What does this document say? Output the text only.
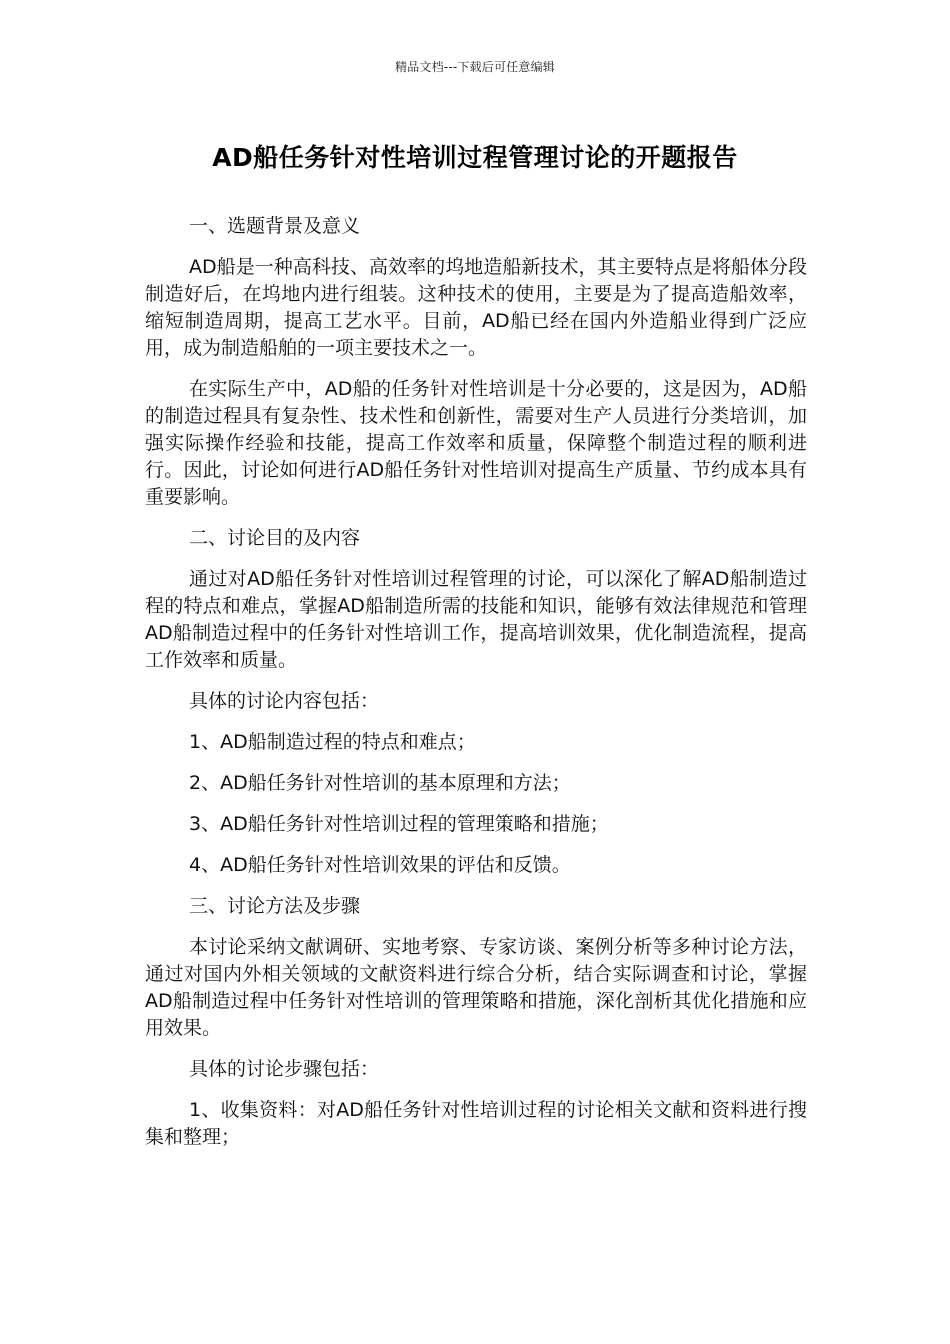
精品文档---下载后可任意编辑
AD船任务针对性培训过程管理讨论的开题报告

一、选题背景及意义

AD船是一种高科技、高效率的坞地造船新技术，其主要特点是将船体分段制造好后，在坞地内进行组装。这种技术的使用，主要是为了提高造船效率，缩短制造周期，提高工艺水平。目前，AD船已经在国内外造船业得到广泛应用，成为制造船舶的一项主要技术之一。

在实际生产中，AD船的任务针对性培训是十分必要的，这是因为，AD船的制造过程具有复杂性、技术性和创新性，需要对生产人员进行分类培训，加强实际操作经验和技能，提高工作效率和质量，保障整个制造过程的顺利进行。因此，讨论如何进行AD船任务针对性培训对提高生产质量、节约成本具有重要影响。

二、讨论目的及内容

通过对AD船任务针对性培训过程管理的讨论，可以深化了解AD船制造过程的特点和难点，掌握AD船制造所需的技能和知识，能够有效法律规范和管理AD船制造过程中的任务针对性培训工作，提高培训效果，优化制造流程，提高工作效率和质量。

具体的讨论内容包括：

1、AD船制造过程的特点和难点；

2、AD船任务针对性培训的基本原理和方法；

3、AD船任务针对性培训过程的管理策略和措施；

4、AD船任务针对性培训效果的评估和反馈。

三、讨论方法及步骤

本讨论采纳文献调研、实地考察、专家访谈、案例分析等多种讨论方法，通过对国内外相关领域的文献资料进行综合分析，结合实际调查和讨论，掌握AD船制造过程中任务针对性培训的管理策略和措施，深化剖析其优化措施和应用效果。

具体的讨论步骤包括：

1、收集资料：对AD船任务针对性培训过程的讨论相关文献和资料进行搜集和整理；
